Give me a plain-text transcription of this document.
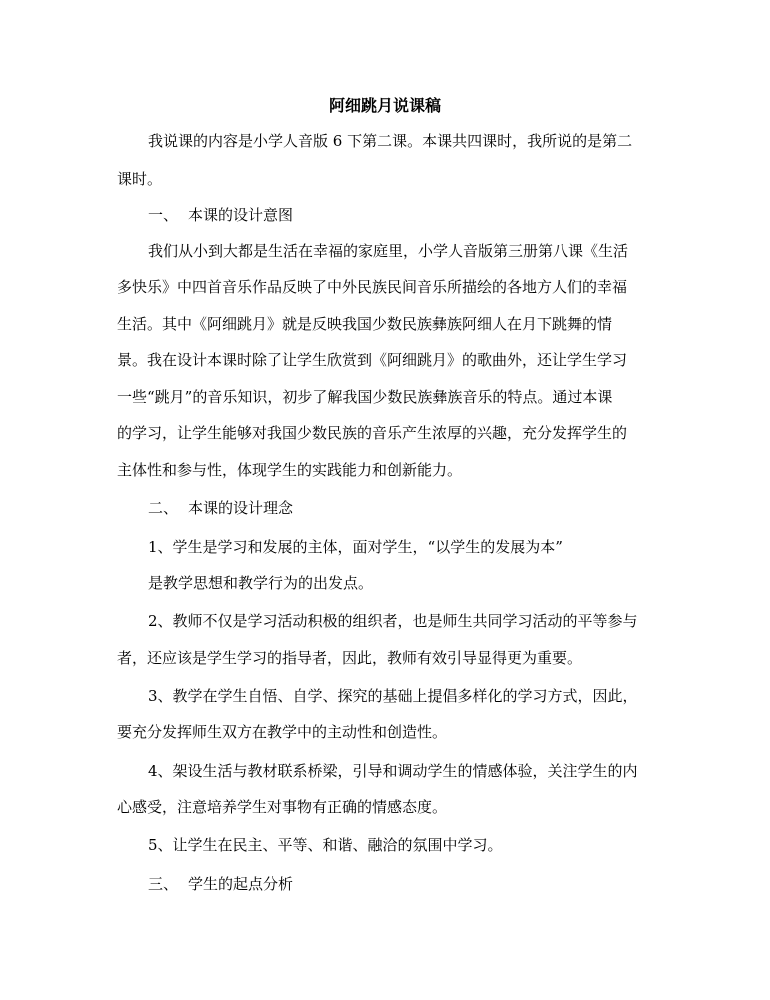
阿细跳月说课稿

我说课的内容是小学人音版 6 下第二课。本课共四课时，我所说的是第二

课时。

一、 本课的设计意图

我们从小到大都是生活在幸福的家庭里，小学人音版第三册第八课《生活

多快乐》中四首音乐作品反映了中外民族民间音乐所描绘的各地方人们的幸福

生活。其中《阿细跳月》就是反映我国少数民族彝族阿细人在月下跳舞的情

景。我在设计本课时除了让学生欣赏到《阿细跳月》的歌曲外，还让学生学习

一些“跳月”的音乐知识，初步了解我国少数民族彝族音乐的特点。通过本课

的学习，让学生能够对我国少数民族的音乐产生浓厚的兴趣，充分发挥学生的

主体性和参与性，体现学生的实践能力和创新能力。

二、 本课的设计理念

1、学生是学习和发展的主体，面对学生，“以学生的发展为本”

是教学思想和教学行为的出发点。

2、教师不仅是学习活动积极的组织者，也是师生共同学习活动的平等参与

者，还应该是学生学习的指导者，因此，教师有效引导显得更为重要。

3、教学在学生自悟、自学、探究的基础上提倡多样化的学习方式，因此，

要充分发挥师生双方在教学中的主动性和创造性。

4、架设生活与教材联系桥梁，引导和调动学生的情感体验，关注学生的内

心感受，注意培养学生对事物有正确的情感态度。

5、让学生在民主、平等、和谐、融洽的氛围中学习。

三、 学生的起点分析
